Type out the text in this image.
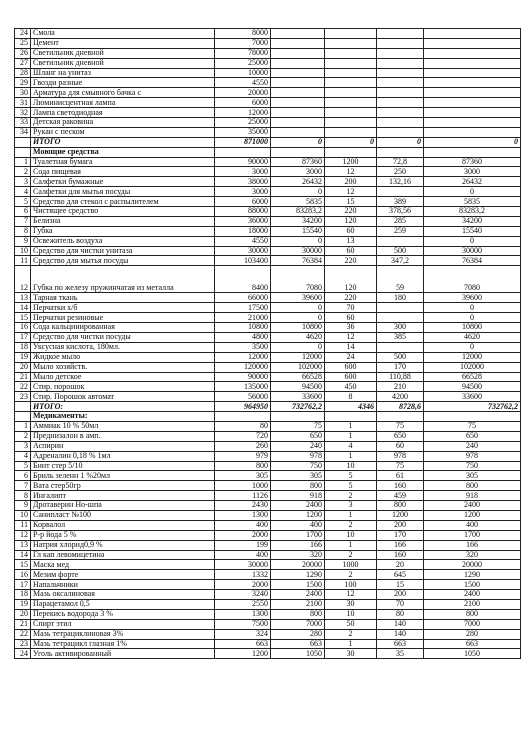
24	Смола	8000				
25	Цемент	7000				
26	Светильник дневной	78000				
27	Светильник дневной	25000				
28	Шланг на унитаз	10000				
29	Гвозди разные	4550				
30	Арматура для смывного бачка с	20000				
31	Люминисцентная лампа	6000				
32	Лампа светодиодная	12000				
33	Детская раковина	25000				
34	Рукан с песком	35000				
	ИТОГО	871000	0	0	0	0
	Моющие средства					
1	Туалетная бумага	90000	87360	1200	72,8	87360
2	Сода пищевая	3000	3000	12	250	3000
3	Салфетки бумажные	38000	26432	200	132,16	26432
4	Салфетки для мытья посуды	3000	0	12		0
5	Средство для стекол с распылителем	6000	5835	15	389	5835
6	Чистящее средство	88000	83283,2	220	378,56	83283,2
7	Белизна	36000	34200	120	285	34200
8	Губка	18000	15540	60	259	15540
9	Освежитель воздуха	4550	0	13		0
10	Средство для чистки унитаза	30000	30000	60	500	30000
11	Средство для мытья посуды	103400	76384	220	347,2	76384
12	Губка по железу пружинчатая из металла	8400	7080	120	59	7080
13	Тарная ткань	66000	39600	220	180	39600
14	Перчатки х/б	17500	0	70		0
15	Перчатки резиновые	21000	0	60		0
16	Сода кальцинированная	10800	10800	36	300	10800
17	Средство для чистки посуды	4800	4620	12	385	4620
18	Уксусная кислота, 180мл.	3500	0	14		0
19	Жидкое мыло	12000	12000	24	500	12000
20	Мыло хозяйств.	120000	102000	600	170	102000
21	Мыло детское	90000	66528	600	110,88	66528
22	Стир. порошок	135000	94500	450	210	94500
23	Стир. Порошок автомат	56000	33600	8	4200	33600
	ИТОГО:	964950	732762,2	4346	8728,6	732762,2
	Медикаменты:					
1	Аммиак 10 % 50мл	80	75	1	75	75
2	Преднизалон в амп.	720	650	1	650	650
3	Аспирин	260	240	4	60	240
4	Адреналин 0,18 % 1мл	979	978	1	978	978
5	Бинт стер 5/10	800	750	10	75	750
6	Бриль зеленн 1 %20мл	305	305	5	61	305
7	Вата стер50гр	1000	800	5	160	800
8	Ингалипт	1126	918	2	459	918
9	Дротаверин Но-шпа	2430	2400	3	800	2400
10	Санипласт №100	1300	1200	1	1200	1200
11	Корвалол	400	400	2	200	400
12	Р-р йода 5 %	2000	1700	10	170	1700
13	Натрия хлорид0,9 %	199	166	1	166	166
14	Гл кап левомицетина	400	320	2	160	320
15	Маска мед	30000	20000	1000	20	20000
16	Мезим форте	1332	1290	2	645	1290
17	Напальчники	2000	1500	100	15	1500
18	Мазь оксалиновая	3240	2400	12	200	2400
19	Парацетамол 0,5	2550	2100	30	70	2100
20	Перекись водорода 3 %	1300	800	10	80	800
21	Спирт этил	7500	7000	50	140	7000
22	Мазь тетрациклиновая 3%	324	280	2	140	280
23	Мазь тетрацикл глазная 1%	663	663	1	663	663
24	Уголь активированный	1200	1050	30	35	1050
